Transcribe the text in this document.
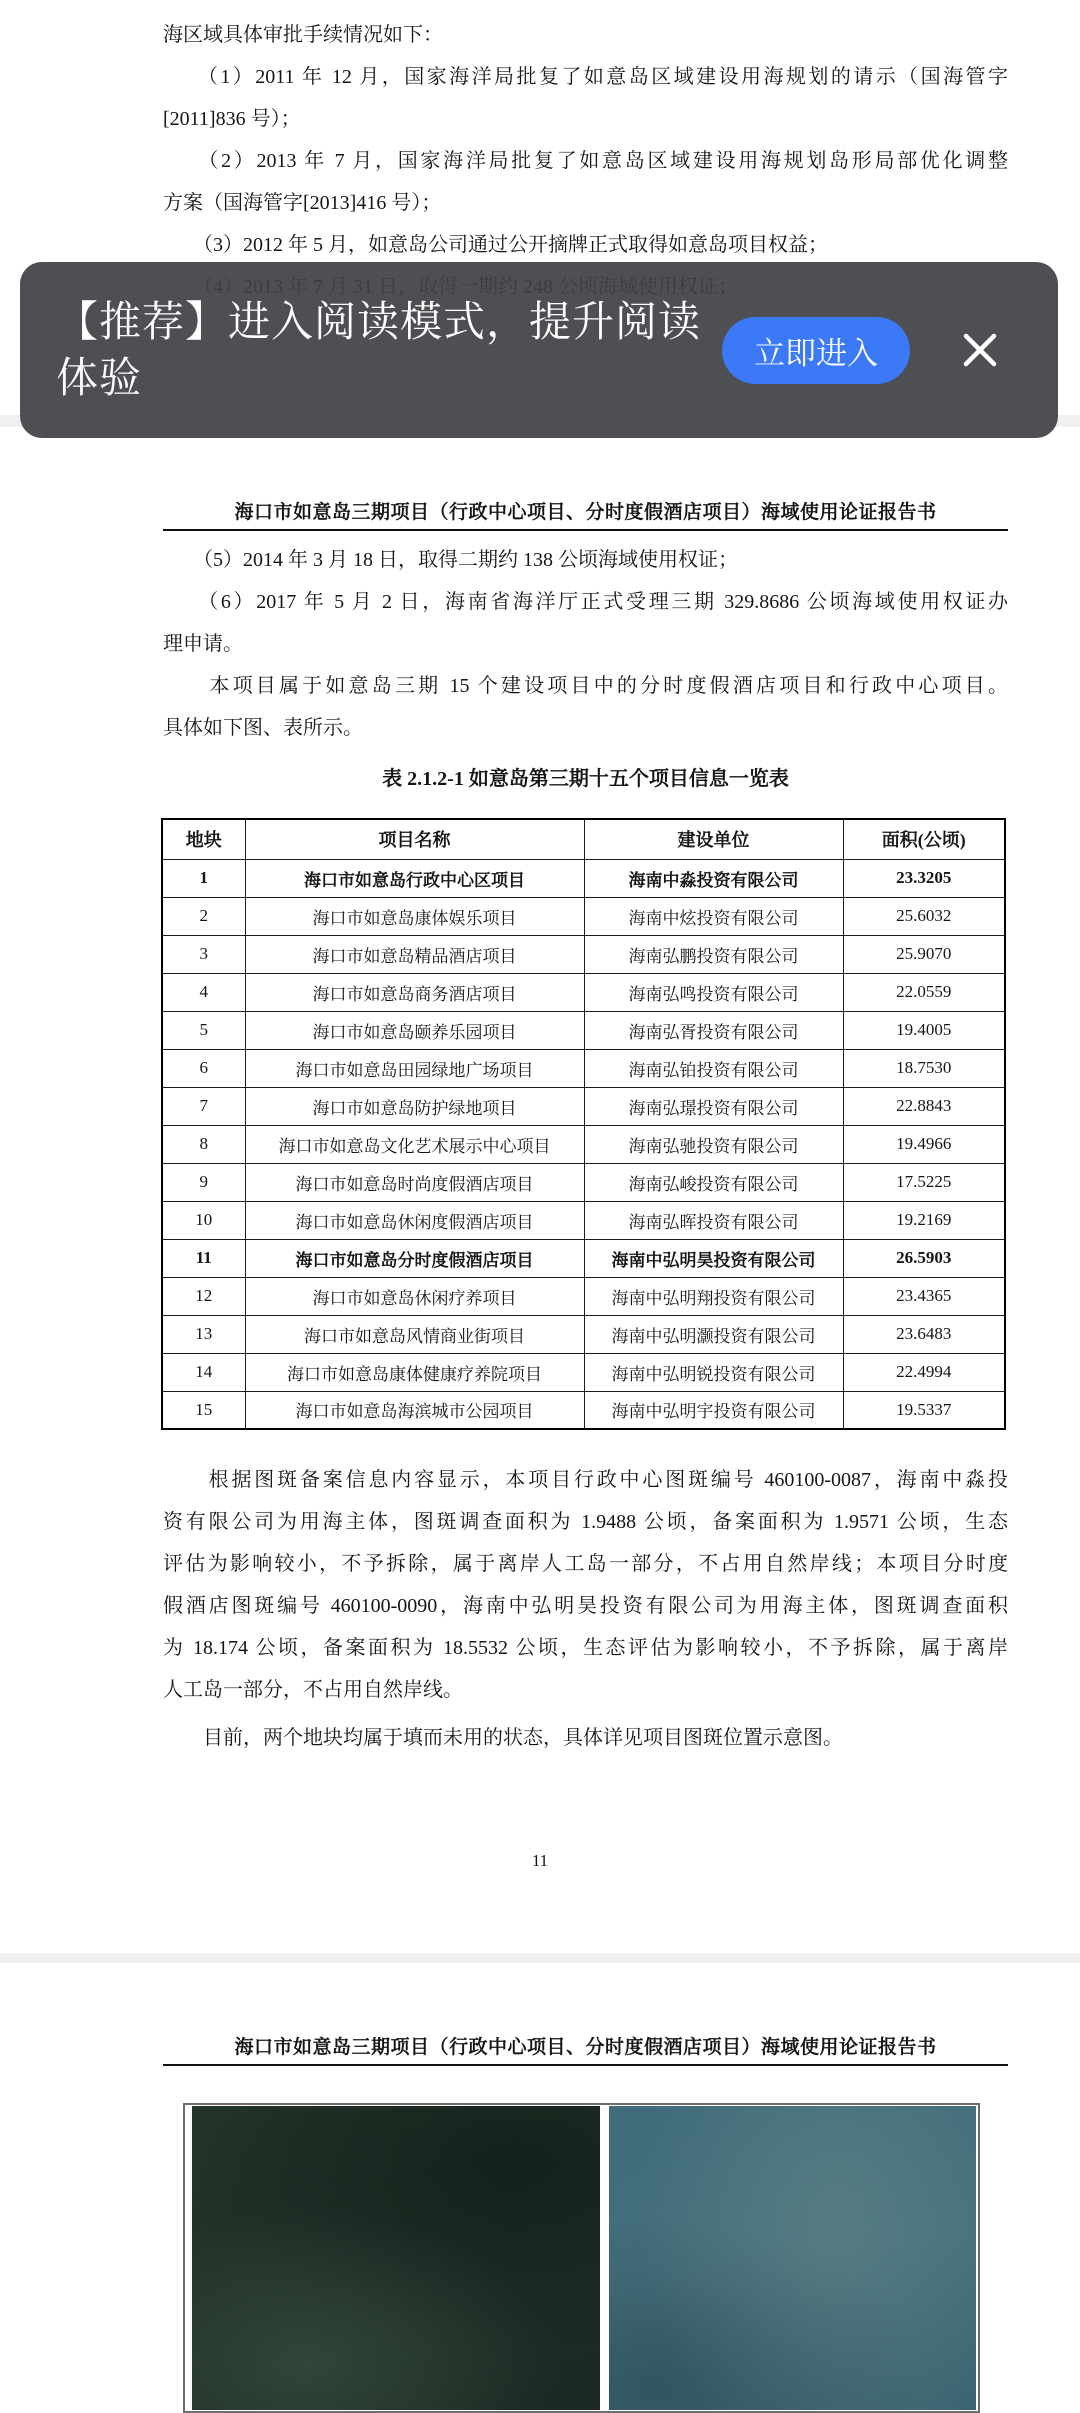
海区域具体审批手续情况如下：
　　（1）2011 年 12 月，国家海洋局批复了如意岛区域建设用海规划的请示（国海管字
[2011]836 号）；
　　（2）2013 年 7 月，国家海洋局批复了如意岛区域建设用海规划岛形局部优化调整
方案（国海管字[2013]416 号）；
　　（3）2012 年 5 月，如意岛公司通过公开摘牌正式取得如意岛项目权益；
【推荐】进入阅读模式，提升阅读体验
立即进入
海口市如意岛三期项目（行政中心项目、分时度假酒店项目）海域使用论证报告书
　　（5）2014 年 3 月 18 日，取得二期约 138 公顷海域使用权证；
　　（6）2017 年 5 月 2 日，海南省海洋厅正式受理三期 329.8686 公顷海域使用权证办
理申请。
　　本项目属于如意岛三期 15 个建设项目中的分时度假酒店项目和行政中心项目。
具体如下图、表所示。
表 2.1.2-1 如意岛第三期十五个项目信息一览表
地块	项目名称	建设单位	面积(公顷)
1	海口市如意岛行政中心区项目	海南中淼投资有限公司	23.3205
2	海口市如意岛康体娱乐项目	海南中炫投资有限公司	25.6032
3	海口市如意岛精品酒店项目	海南弘鹏投资有限公司	25.9070
4	海口市如意岛商务酒店项目	海南弘鸣投资有限公司	22.0559
5	海口市如意岛颐养乐园项目	海南弘胥投资有限公司	19.4005
6	海口市如意岛田园绿地广场项目	海南弘铂投资有限公司	18.7530
7	海口市如意岛防护绿地项目	海南弘璟投资有限公司	22.8843
8	海口市如意岛文化艺术展示中心项目	海南弘驰投资有限公司	19.4966
9	海口市如意岛时尚度假酒店项目	海南弘峻投资有限公司	17.5225
10	海口市如意岛休闲度假酒店项目	海南弘晖投资有限公司	19.2169
11	海口市如意岛分时度假酒店项目	海南中弘明昊投资有限公司	26.5903
12	海口市如意岛休闲疗养项目	海南中弘明翔投资有限公司	23.4365
13	海口市如意岛风情商业街项目	海南中弘明灏投资有限公司	23.6483
14	海口市如意岛康体健康疗养院项目	海南中弘明锐投资有限公司	22.4994
15	海口市如意岛海滨城市公园项目	海南中弘明宇投资有限公司	19.5337
　　根据图斑备案信息内容显示，本项目行政中心图斑编号 460100-0087，海南中淼投
资有限公司为用海主体，图斑调查面积为 1.9488 公顷，备案面积为 1.9571 公顷，生态
评估为影响较小，不予拆除，属于离岸人工岛一部分，不占用自然岸线；本项目分时度
假酒店图斑编号 460100-0090，海南中弘明昊投资有限公司为用海主体，图斑调查面积
为 18.174 公顷，备案面积为 18.5532 公顷，生态评估为影响较小，不予拆除，属于离岸
人工岛一部分，不占用自然岸线。
　　目前，两个地块均属于填而未用的状态，具体详见项目图斑位置示意图。
11
海口市如意岛三期项目（行政中心项目、分时度假酒店项目）海域使用论证报告书
